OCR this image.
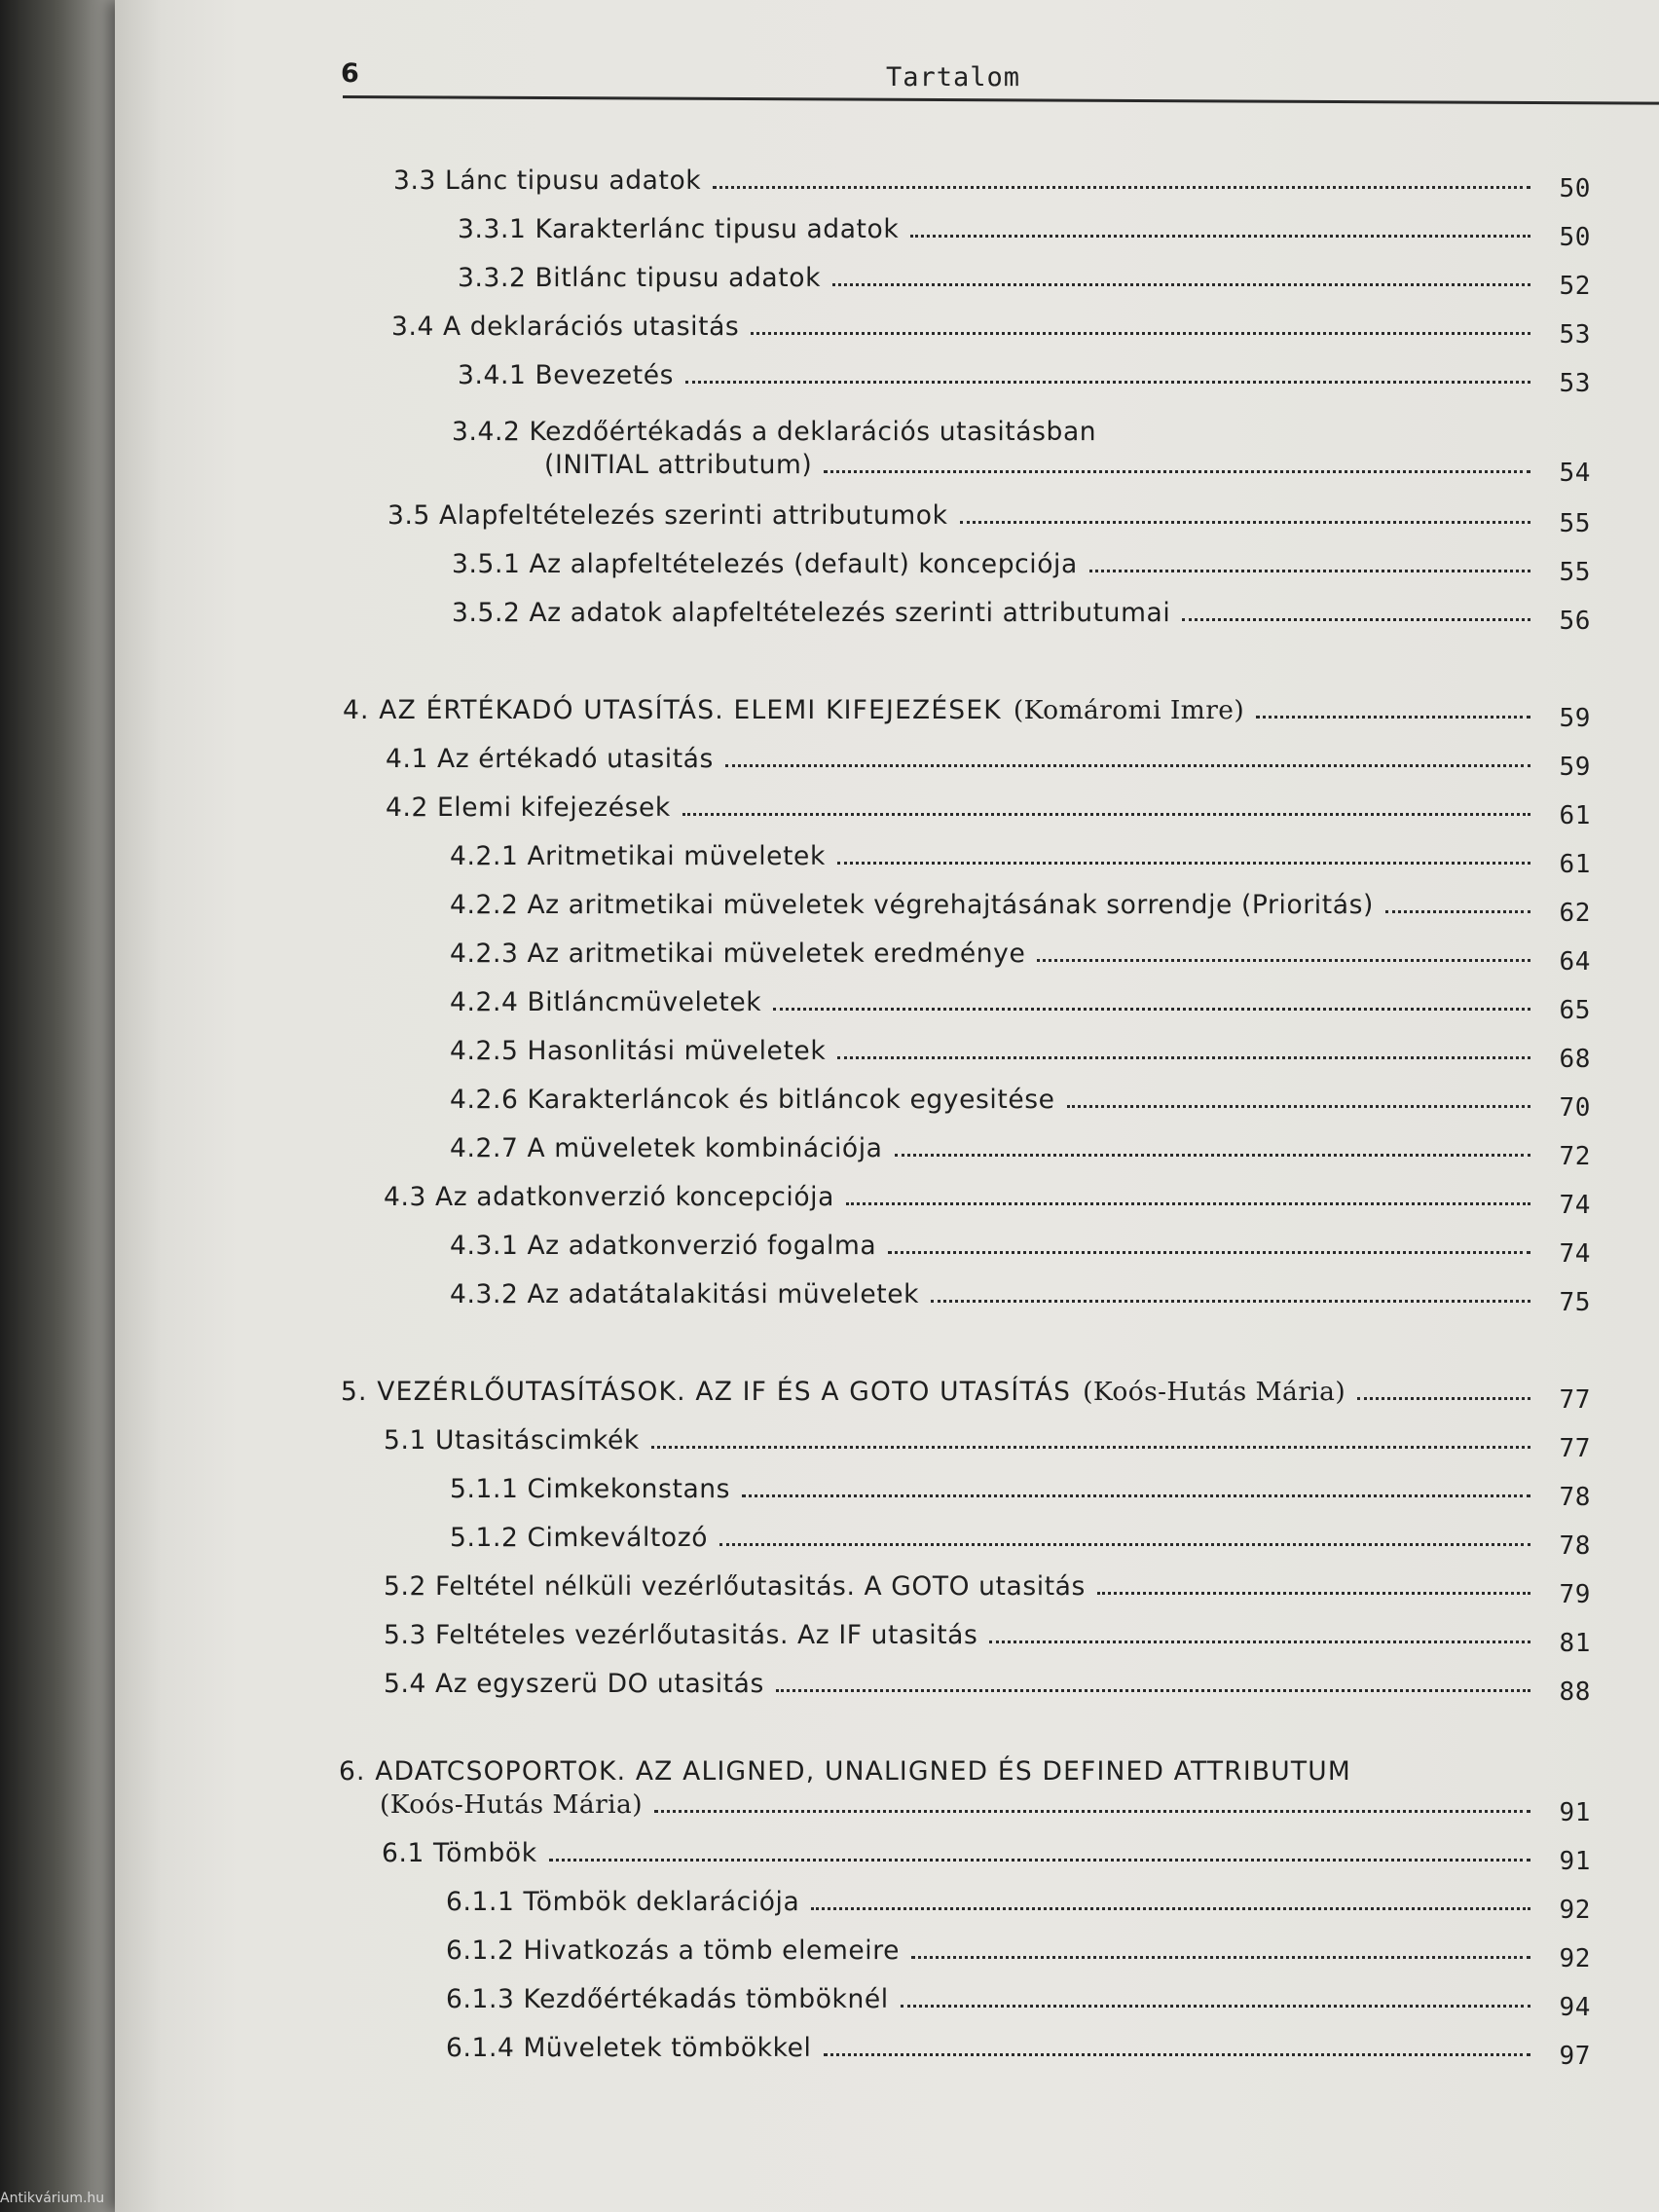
6	Tartalom
3.3 Lánc tipusu adatok	50
3.3.1 Karakterlánc tipusu adatok	50
3.3.2 Bitlánc tipusu adatok	52
3.4 A deklarációs utasitás	53
3.4.1 Bevezetés	53
3.4.2 Kezdőértékadás a deklarációs utasitásban
(INITIAL attributum)	54
3.5 Alapfeltételezés szerinti attributumok	55
3.5.1 Az alapfeltételezés (default) koncepciója	55
3.5.2 Az adatok alapfeltételezés szerinti attributumai	56
4. AZ ÉRTÉKADÓ UTASÍTÁS. ELEMI KIFEJEZÉSEK (Komáromi Imre)	59
4.1 Az értékadó utasitás	59
4.2 Elemi kifejezések	61
4.2.1 Aritmetikai müveletek	61
4.2.2 Az aritmetikai müveletek végrehajtásának sorrendje (Prioritás)	62
4.2.3 Az aritmetikai müveletek eredménye	64
4.2.4 Bitláncmüveletek	65
4.2.5 Hasonlitási müveletek	68
4.2.6 Karakterláncok és bitláncok egyesitése	70
4.2.7 A müveletek kombinációja	72
4.3 Az adatkonverzió koncepciója	74
4.3.1 Az adatkonverzió fogalma	74
4.3.2 Az adatátalakitási müveletek	75
5. VEZÉRLŐUTASÍTÁSOK. AZ IF ÉS A GOTO UTASÍTÁS (Koós-Hutás Mária)	77
5.1 Utasitáscimkék	77
5.1.1 Cimkekonstans	78
5.1.2 Cimkeváltozó	78
5.2 Feltétel nélküli vezérlőutasitás. A GOTO utasitás	79
5.3 Feltételes vezérlőutasitás. Az IF utasitás	81
5.4 Az egyszerü DO utasitás	88
6. ADATCSOPORTOK. AZ ALIGNED, UNALIGNED ÉS DEFINED ATTRIBUTUM
(Koós-Hutás Mária)	91
6.1 Tömbök	91
6.1.1 Tömbök deklarációja	92
6.1.2 Hivatkozás a tömb elemeire	92
6.1.3 Kezdőértékadás tömböknél	94
6.1.4 Müveletek tömbökkel	97
Antikvárium.hu
